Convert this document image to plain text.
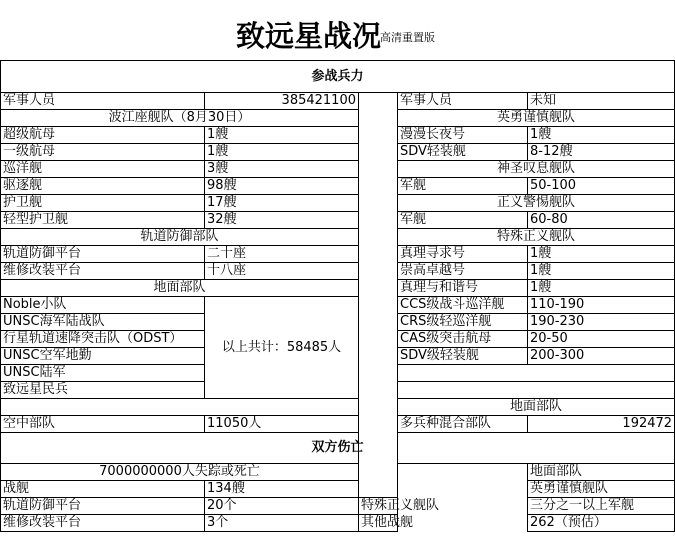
致远星战况
高清重置版
参战兵力					
军事人员	385421100		军事人员	未知	
波江座舰队（8月30日）			英勇谨慎舰队		
超级航母	1艘		漫漫长夜号	1艘	
一级航母	1艘		SDV轻装舰	8-12艘	
巡洋舰	3艘		神圣叹息舰队		
驱逐舰	98艘		军舰	50-100	
护卫舰	17艘		正义警惕舰队		
轻型护卫舰	32艘		军舰	60-80	
轨道防御部队			特殊正义舰队		
轨道防御平台	二十座		真理寻求号	1艘	
维修改装平台	十八座		崇高卓越号	1艘	
地面部队			真理与和谐号	1艘	
Noble小队	以上共计：58485人		CCS级战斗巡洋舰	110-190	
UNSC海军陆战队			CRS级轻巡洋舰	190-230	
行星轨道速降突击队（ODST）			CAS级突击航母	20-50	
UNSC空军地勤			SDV级轻装舰	200-300	
UNSC陆军					
致远星民兵					
			地面部队		
空中部队	11050人		多兵种混合部队	192472	
双方伤亡					
7000000000人失踪或死亡				地面部队	
战舰	134艘			英勇谨慎舰队	
轨道防御平台	20个	特殊正义舰队		三分之一以上军舰	
维修改装平台	3个	其他战舰		262（预估）	
